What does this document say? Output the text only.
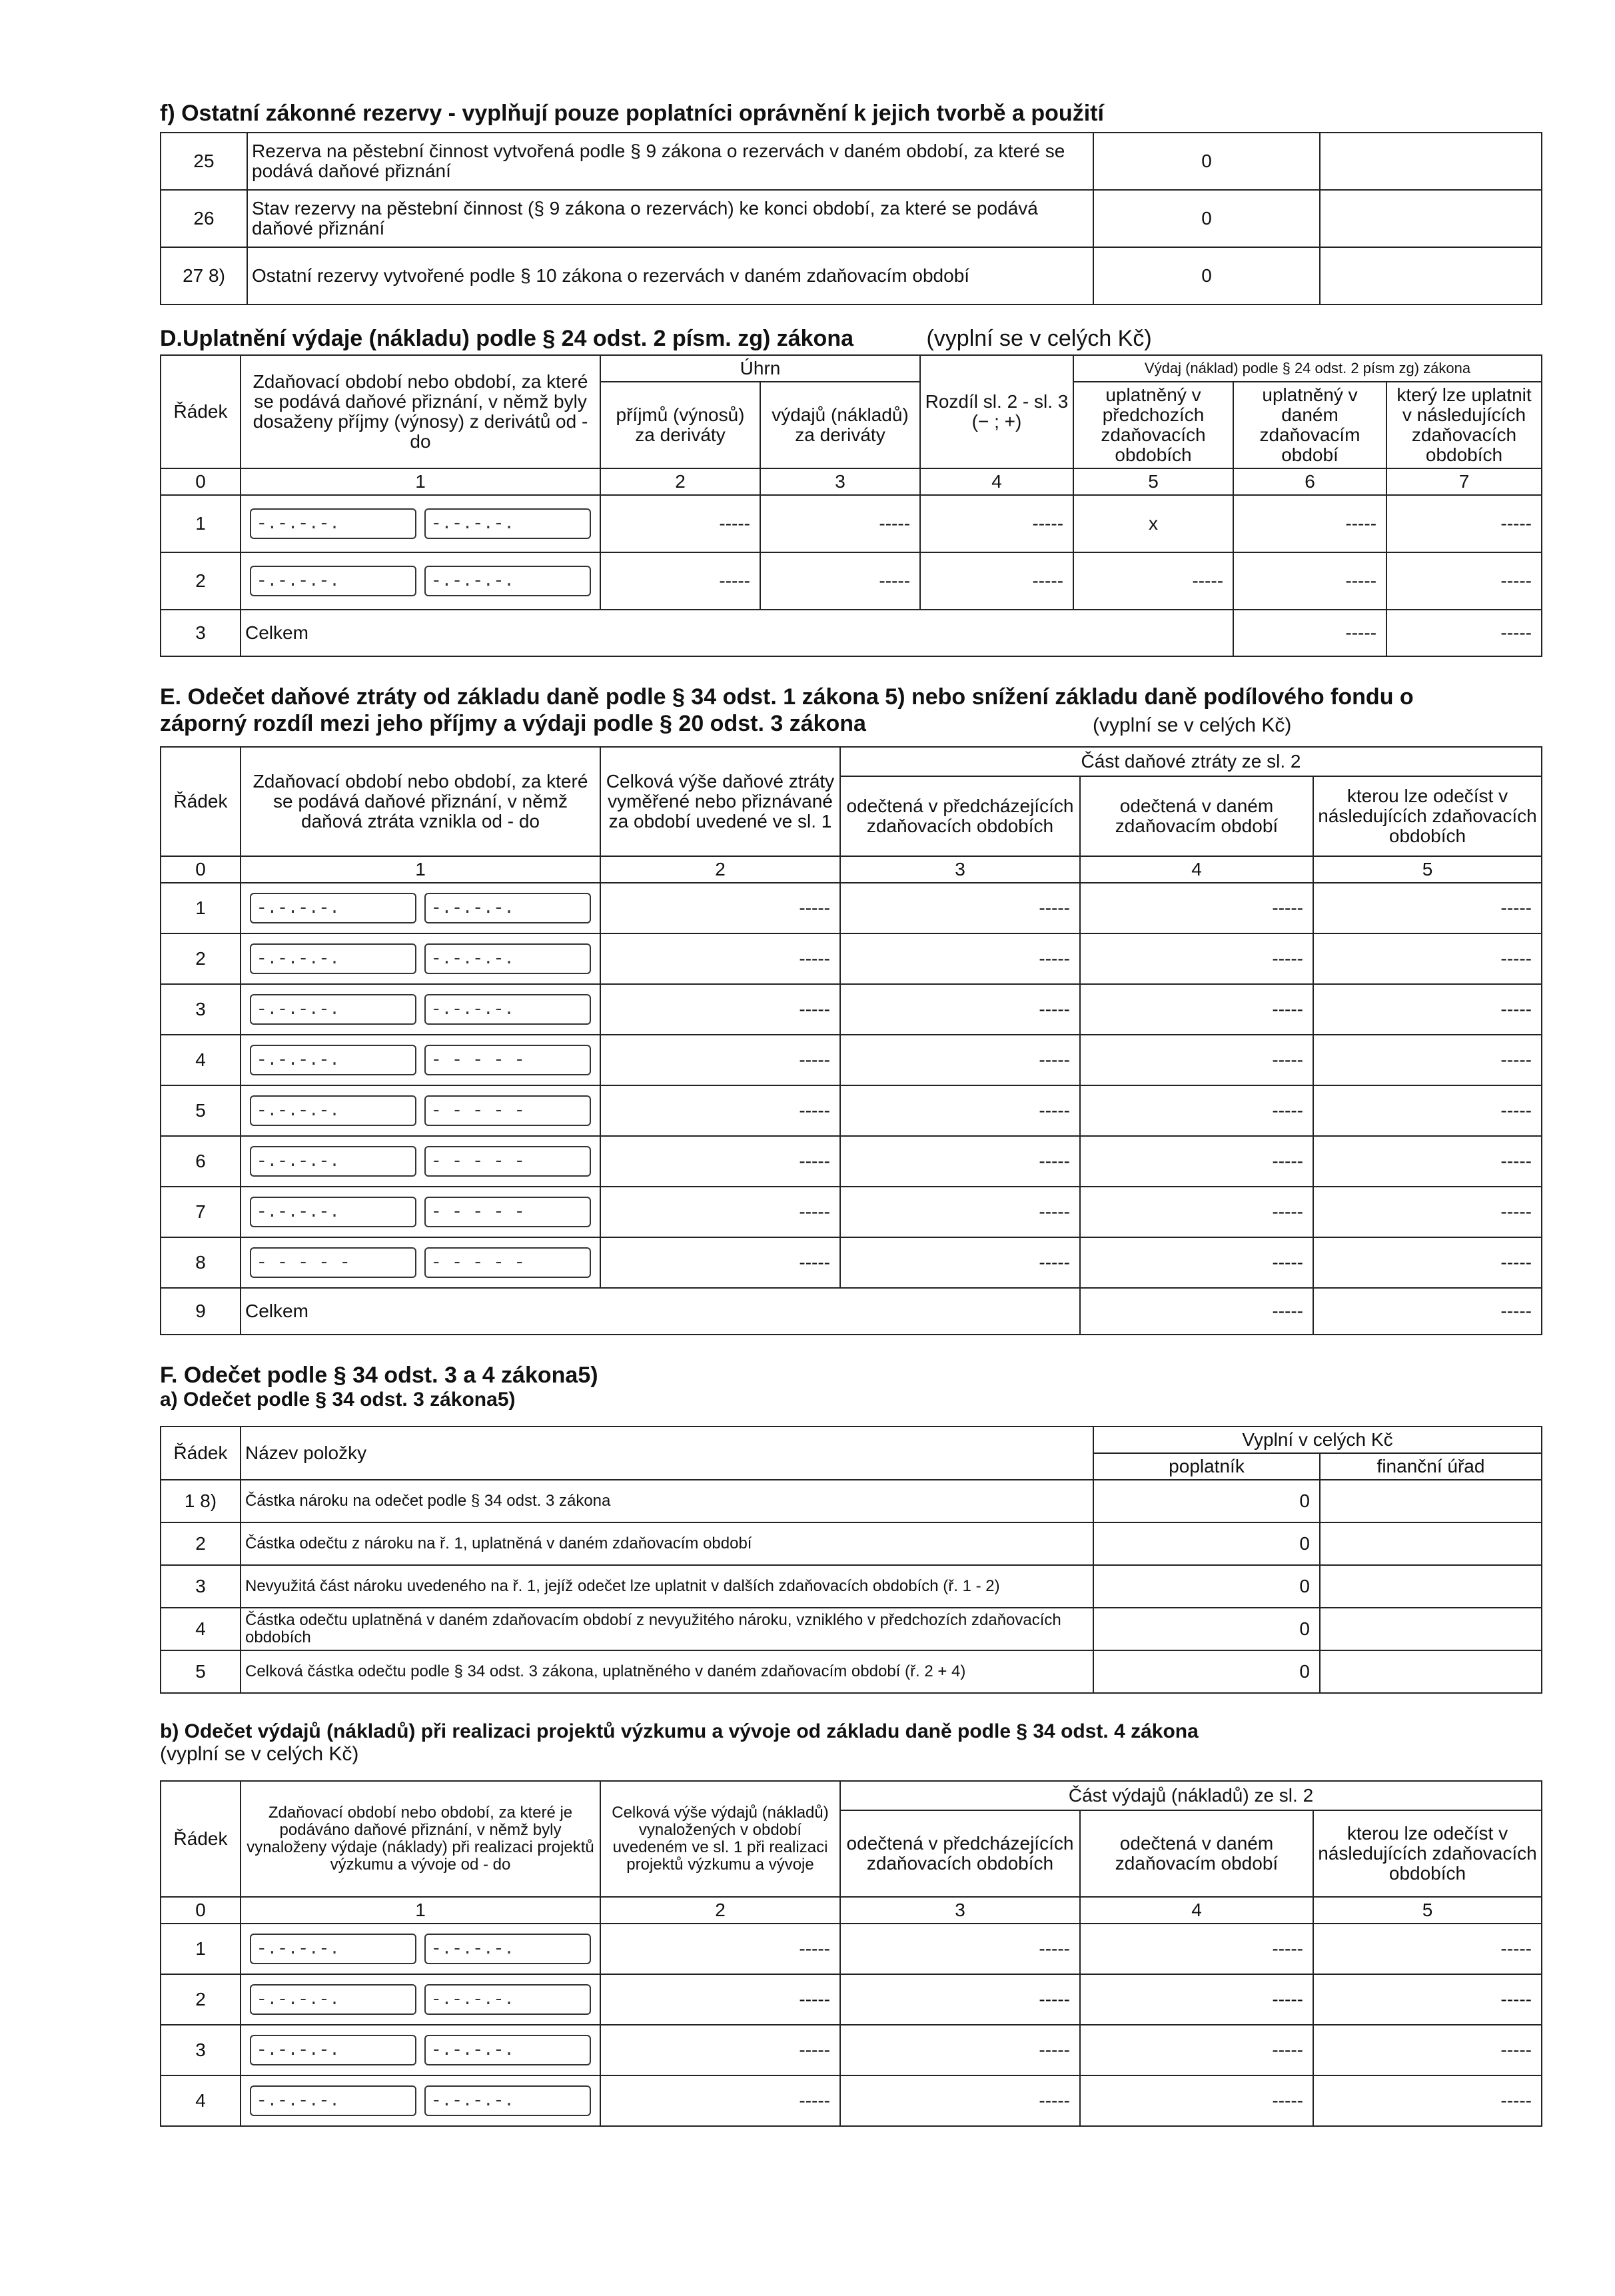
f) Ostatní zákonné rezervy - vyplňují pouze poplatníci oprávnění k jejich tvorbě a použití
25	Rezerva na pěstební činnost vytvořená podle § 9 zákona o rezervách v daném období, za které se podává daňové přiznání	0	
26	Stav rezervy na pěstební činnost (§ 9 zákona o rezervách) ke konci období, za které se podává daňové přiznání	0	
27 8)	Ostatní rezervy vytvořené podle § 10 zákona o rezervách v daném zdaňovacím období	0	
D.Uplatnění výdaje (nákladu) podle § 24 odst. 2 písm. zg) zákona	(vyplní se v celých Kč)
Řádek	Zdaňovací období nebo období, za které se podává daňové přiznání, v němž byly dosaženy příjmy (výnosy) z derivátů od - do	Úhrn		Rozdíl sl. 2 - sl. 3 (− ; +)	Výdaj (náklad) podle § 24 odst. 2 písm zg) zákona		
		příjmů (výnosů) za deriváty	výdajů (nákladů) za deriváty		uplatněný v předchozích zdaňovacích obdobích	uplatněný v daném zdaňovacím období	který lze uplatnit v následujících zdaňovacích obdobích
0	1	2	3	4	5	6	7
1	-.-.-.-. -.-.-.-.	-----	-----	-----	x	-----	-----
2	-.-.-.-. -.-.-.-.	-----	-----	-----	-----	-----	-----
3	Celkem					-----	-----
E. Odečet daňové ztráty od základu daně podle § 34 odst. 1 zákona 5) nebo snížení základu daně podílového fondu o záporný rozdíl mezi jeho příjmy a výdaji podle § 20 odst. 3 zákona	(vyplní se v celých Kč)
Řádek	Zdaňovací období nebo období, za které se podává daňové přiznání, v němž daňová ztráta vznikla od - do	Celková výše daňové ztráty vyměřené nebo přiznávané za období uvedené ve sl. 1	Část daňové ztráty ze sl. 2		
			odečtená v předcházejících zdaňovacích obdobích	odečtená v daném zdaňovacím období	kterou lze odečíst v následujících zdaňovacích obdobích
0	1	2	3	4	5
1	-.-.-.-. -.-.-.-.	-----	-----	-----	-----
2	-.-.-.-. -.-.-.-.	-----	-----	-----	-----
3	-.-.-.-. -.-.-.-.	-----	-----	-----	-----
4	-.-.-.-. - - - - -	-----	-----	-----	-----
5	-.-.-.-. - - - - -	-----	-----	-----	-----
6	-.-.-.-. - - - - -	-----	-----	-----	-----
7	-.-.-.-. - - - - -	-----	-----	-----	-----
8	- - - - - - - - - -	-----	-----	-----	-----
9	Celkem			-----	-----
F. Odečet podle § 34 odst. 3 a 4 zákona5)
a) Odečet podle § 34 odst. 3 zákona5)
Řádek	Název položky	Vyplní v celých Kč	
		poplatník	finanční úřad
1 8)	Částka nároku na odečet podle § 34 odst. 3 zákona	0	
2	Částka odečtu z nároku na ř. 1, uplatněná v daném zdaňovacím období	0	
3	Nevyužitá část nároku uvedeného na ř. 1, jejíž odečet lze uplatnit v dalších zdaňovacích obdobích (ř. 1 - 2)	0	
4	Částka odečtu uplatněná v daném zdaňovacím období z nevyužitého nároku, vzniklého v předchozích zdaňovacích obdobích	0	
5	Celková částka odečtu podle § 34 odst. 3 zákona, uplatněného v daném zdaňovacím období (ř. 2 + 4)	0	
b) Odečet výdajů (nákladů) při realizaci projektů výzkumu a vývoje od základu daně podle § 34 odst. 4 zákona
(vyplní se v celých Kč)
Řádek	Zdaňovací období nebo období, za které je podáváno daňové přiznání, v němž byly vynaloženy výdaje (náklady) při realizaci projektů výzkumu a vývoje od - do	Celková výše výdajů (nákladů) vynaložených v období uvedeném ve sl. 1 při realizaci projektů výzkumu a vývoje	Část výdajů (nákladů) ze sl. 2		
			odečtená v předcházejících zdaňovacích obdobích	odečtená v daném zdaňovacím období	kterou lze odečíst v následujících zdaňovacích obdobích
0	1	2	3	4	5
1	-.-.-.-. -.-.-.-.	-----	-----	-----	-----
2	-.-.-.-. -.-.-.-.	-----	-----	-----	-----
3	-.-.-.-. -.-.-.-.	-----	-----	-----	-----
4	-.-.-.-. -.-.-.-.	-----	-----	-----	-----
